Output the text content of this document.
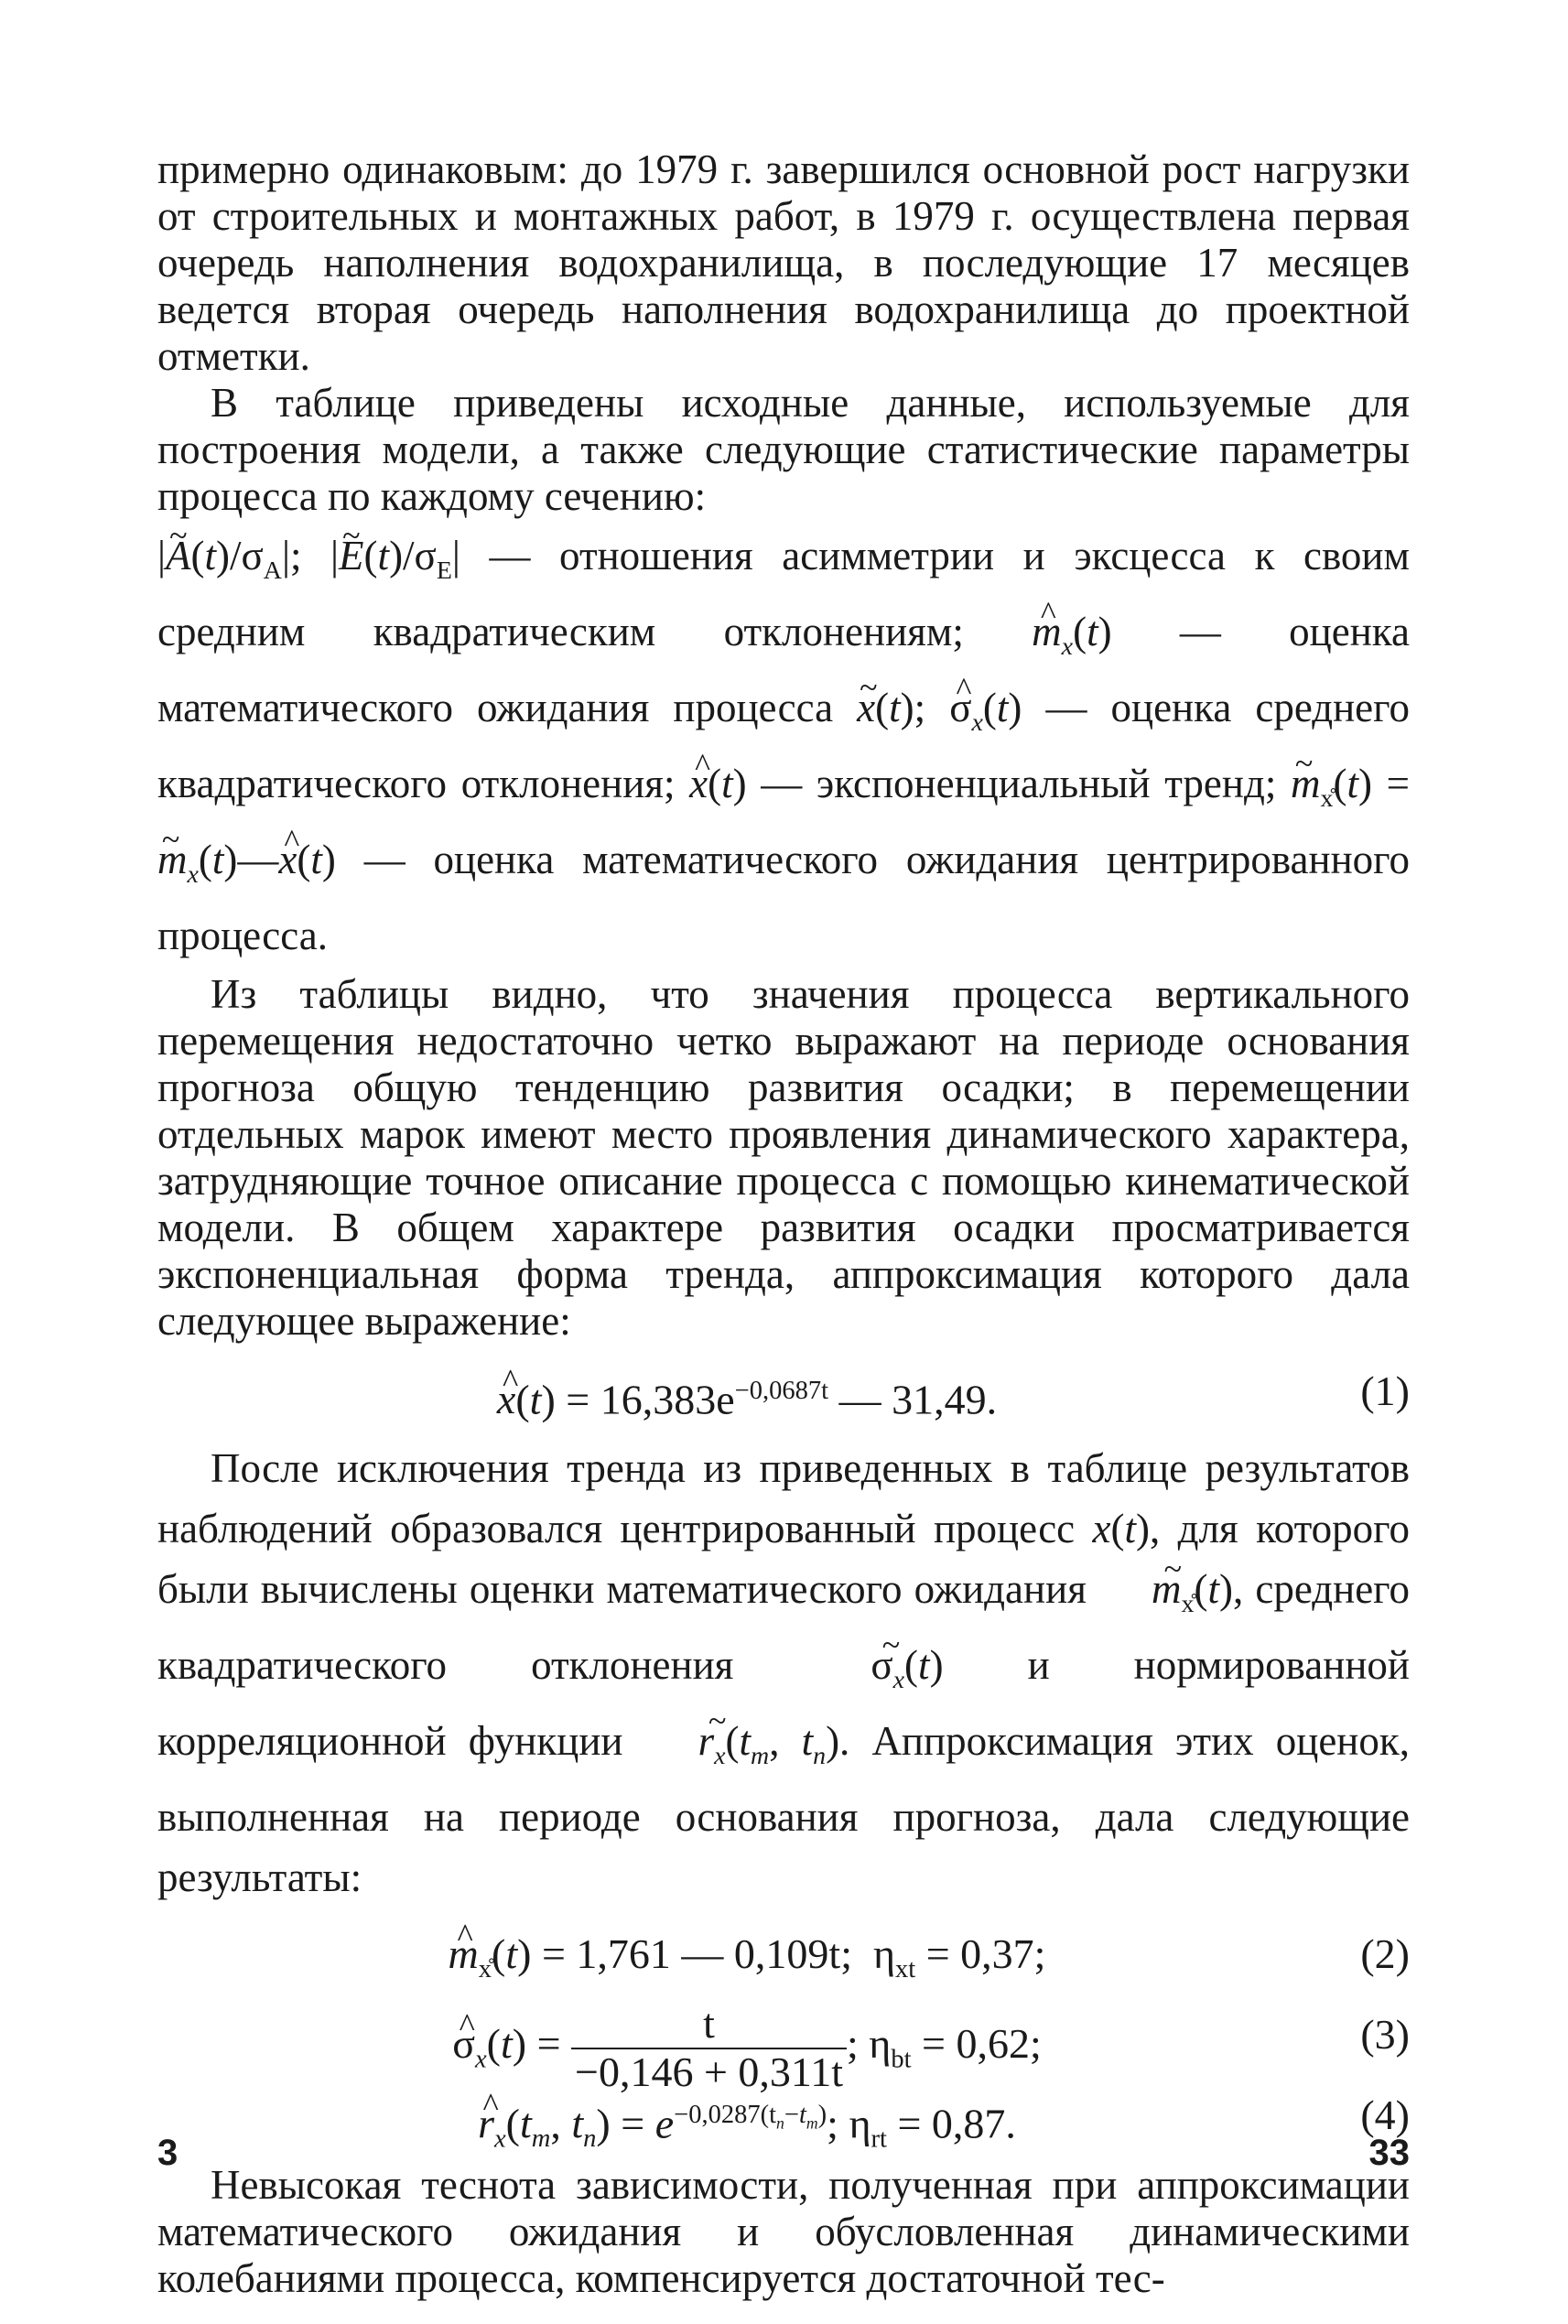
примерно одинаковым: до 1979 г. завершился основной рост нагрузки от строительных и монтажных работ, в 1979 г. осуществлена первая очередь наполнения водохранилища, в последующие 17 месяцев ведется вторая очередь наполнения водохранилища до проектной отметки.

В таблице приведены исходные данные, используемые для построения модели, а также следующие статистические параметры процесса по каждому сечению:

|~ $A(t)/\sigma_A|$; |~ $E(t)/\sigma_E|$ — отношения асимметрии и эксцесса к своим средним квадратическим отклонениям; ^ $m_x(t)$ — оценка математического ожидания процесса ~ x(t); ^ $\sigma_x(t)$ — оценка среднего квадратического отклонения; ^ x(t) — экспоненциальный тренд; ~ $m_{x̊}(t)$ = ~ $m_x(t)—\^{}$ x(t) — оценка математического ожидания центрированного процесса.

Из таблицы видно, что значения процесса вертикального перемещения недостаточно четко выражают на периоде основания прогноза общую тенденцию развития осадки; в перемещении отдельных марок имеют место проявления динамического характера, затрудняющие точное описание процесса с помощью кинематической модели. В общем характере развития осадки просматривается экспоненциальная форма тренда, аппроксимация которого дала следующее выражение:

^ $x(t) = 16,383e^{-0,0687t}$ — 31,49.	(1)

После исключения тренда из приведенных в таблице результатов наблюдений образовался центрированный процесс x(t), для которого были вычислены оценки математического ожидания ~ $m_{x̊}(t)$, среднего квадратического отклонения	~ $\sigma_x(t)$ и нормированной корреляционной функции ~ $r_x(t_m$, $t_n$). Аппроксимация этих оценок, выполненная на периоде основания прогноза, дала следующие результаты:

^ $m_{x̊}(t) = 1,761$ — 0,109t; $\eta_{xt} = 0,37$;	(2)
^ $\sigma_x(t) = \frac{t}{-0,146 + 0,311t}$ ; $\eta_{bt} = 0,62$;	(3)
^ $r_x(t_m$, $t_n) = e^{-0,0287(t_n-t_m)}$; $\eta_{rt} = 0,87$.	(4)

Невысокая теснота зависимости, полученная при аппроксимации математического ожидания и обусловленная динамическими колебаниями процесса, компенсируется достаточной тес-

3	33
